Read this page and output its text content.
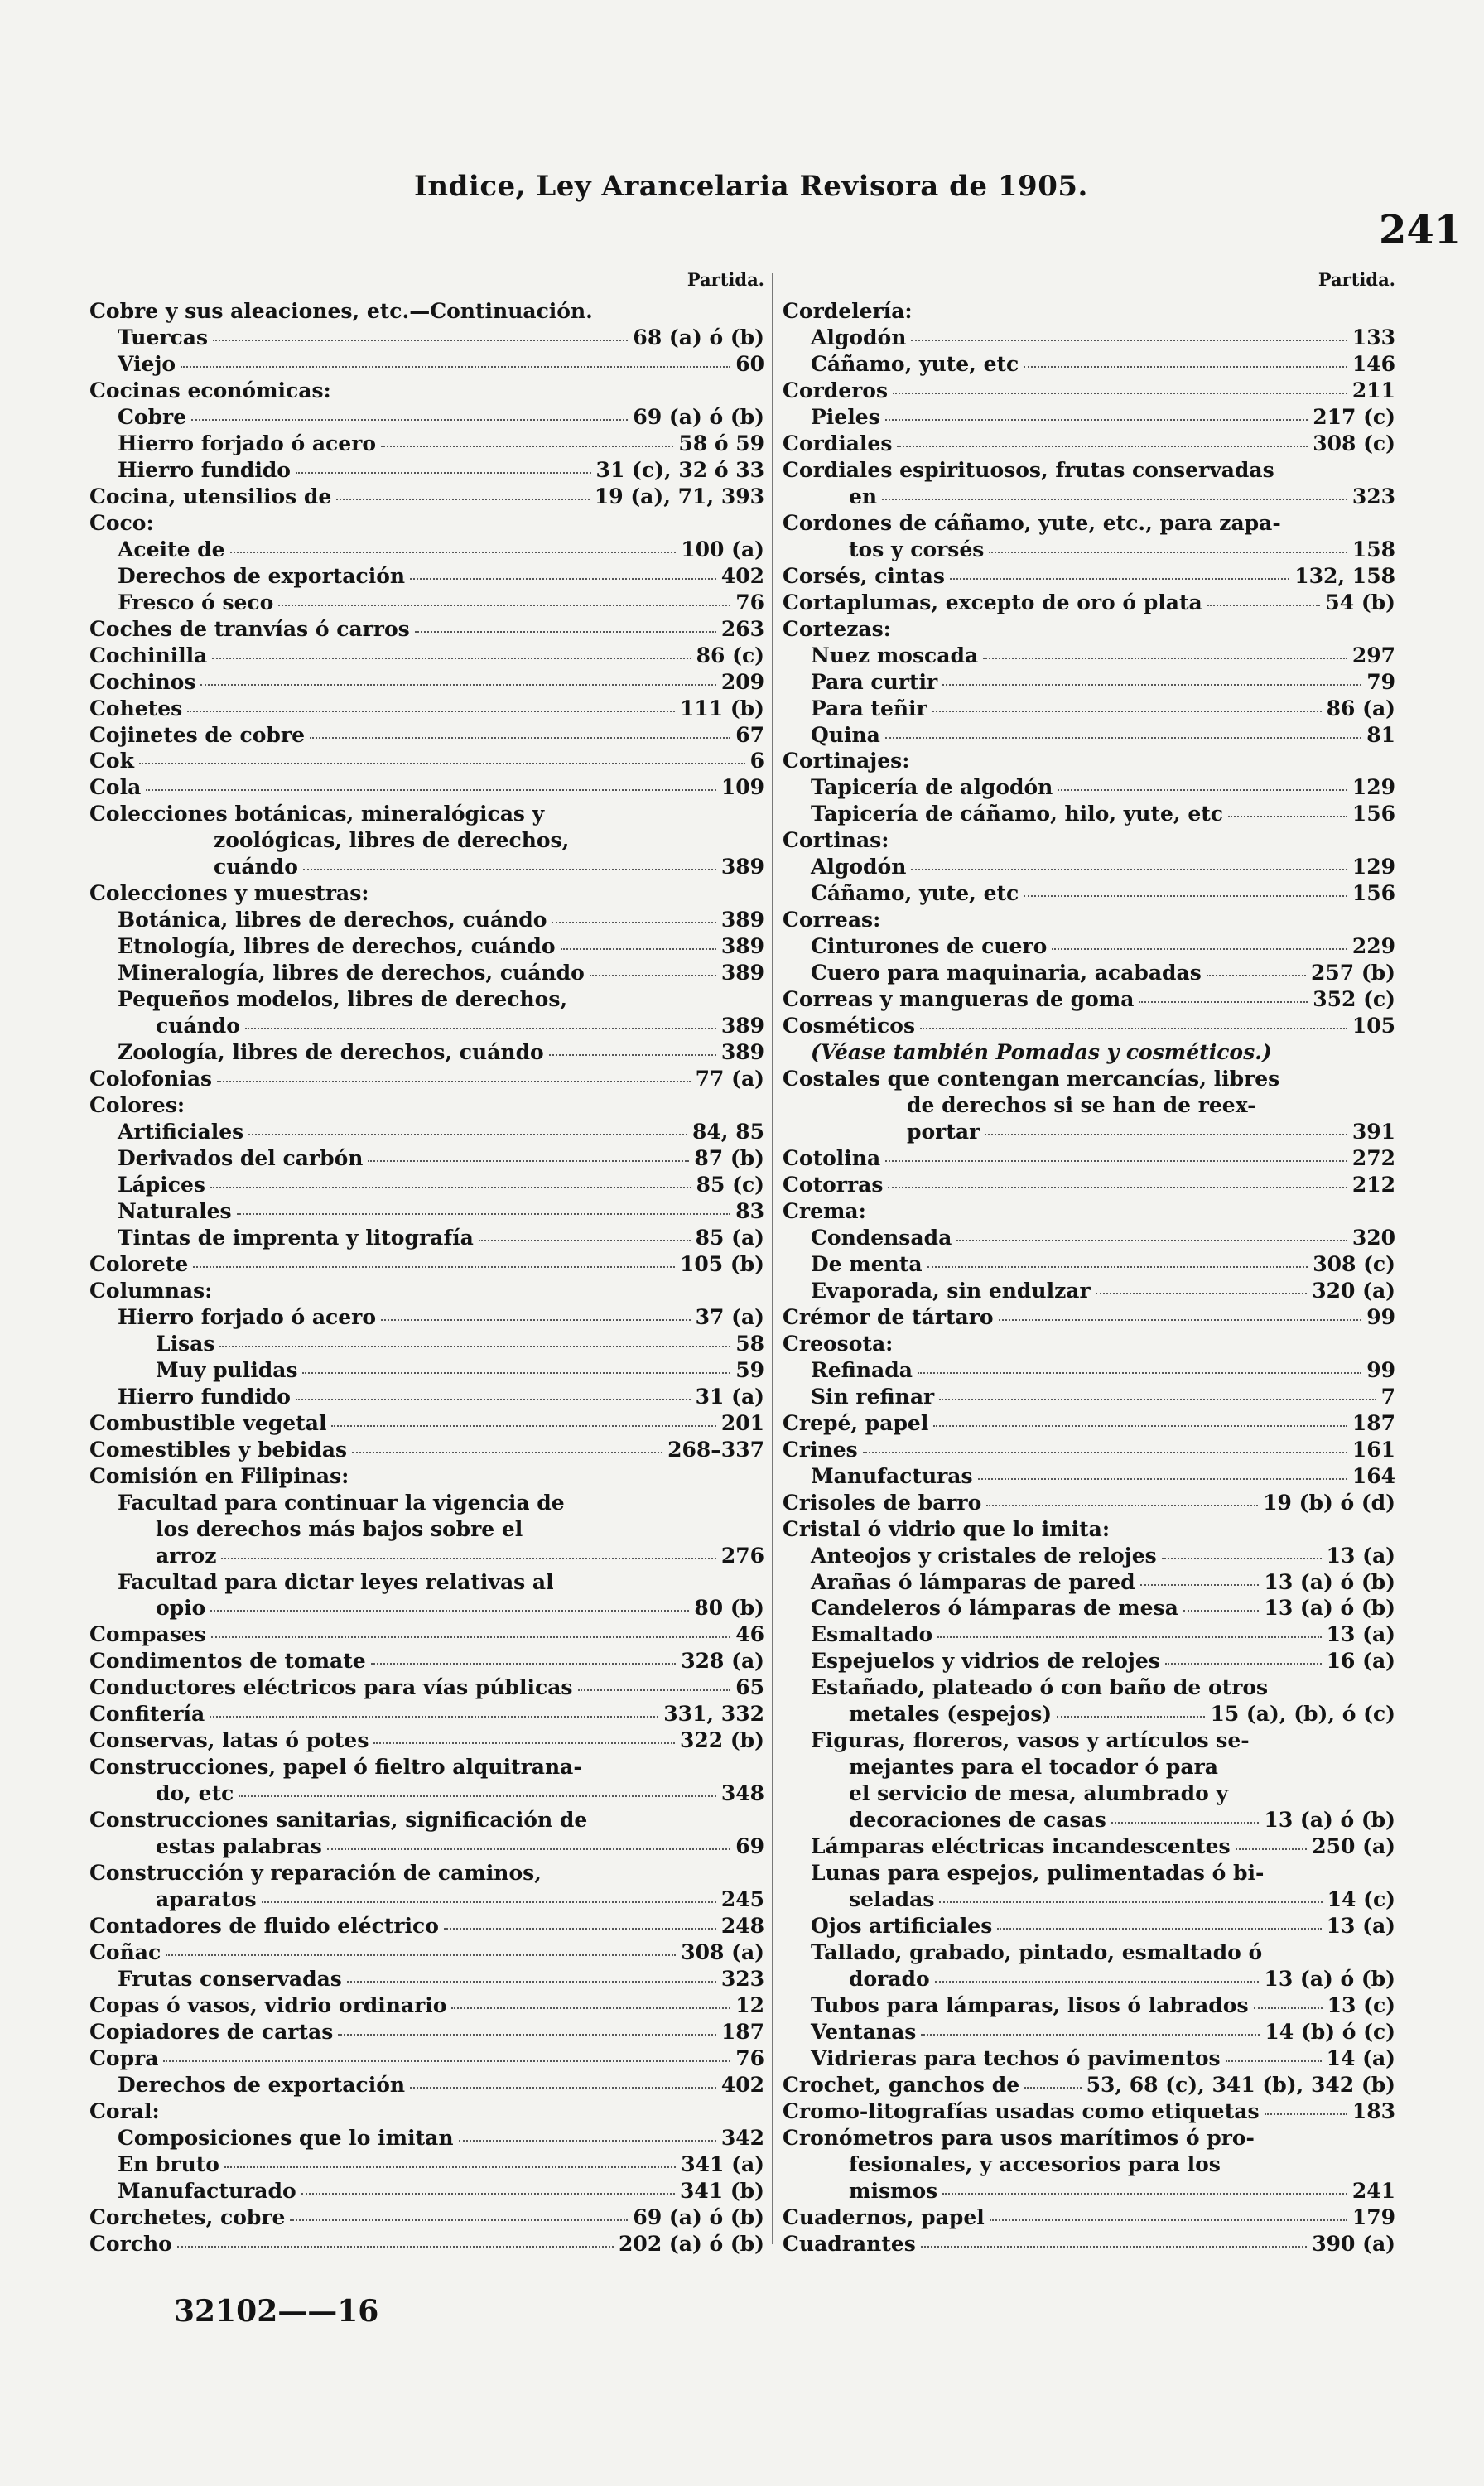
Indice, Ley Arancelaria Revisora de 1905.
241
Partida.
Cobre y sus aleaciones, etc.—Continuación.
Tuercas	68 (a) ó (b)
Viejo	60
Cocinas económicas:
Cobre	69 (a) ó (b)
Hierro forjado ó acero	58 ó 59
Hierro fundido	31 (c), 32 ó 33
Cocina, utensilios de	19 (a), 71, 393
Coco:
Aceite de	100 (a)
Derechos de exportación	402
Fresco ó seco	76
Coches de tranvías ó carros	263
Cochinilla	86 (c)
Cochinos	209
Cohetes	111 (b)
Cojinetes de cobre	67
Cok	6
Cola	109
Colecciones botánicas, mineralógicas y
zoológicas, libres de derechos,
cuándo	389
Colecciones y muestras:
Botánica, libres de derechos, cuándo	389
Etnología, libres de derechos, cuándo	389
Mineralogía, libres de derechos, cuándo	389
Pequeños modelos, libres de derechos,
cuándo	389
Zoología, libres de derechos, cuándo	389
Colofonias	77 (a)
Colores:
Artificiales	84, 85
Derivados del carbón	87 (b)
Lápices	85 (c)
Naturales	83
Tintas de imprenta y litografía	85 (a)
Colorete	105 (b)
Columnas:
Hierro forjado ó acero	37 (a)
Lisas	58
Muy pulidas	59
Hierro fundido	31 (a)
Combustible vegetal	201
Comestibles y bebidas	268–337
Comisión en Filipinas:
Facultad para continuar la vigencia de
los derechos más bajos sobre el
arroz	276
Facultad para dictar leyes relativas al
opio	80 (b)
Compases	46
Condimentos de tomate	328 (a)
Conductores eléctricos para vías públicas	65
Confitería	331, 332
Conservas, latas ó potes	322 (b)
Construcciones, papel ó fieltro alquitrana-
do, etc	348
Construcciones sanitarias, significación de
estas palabras	69
Construcción y reparación de caminos,
aparatos	245
Contadores de fluido eléctrico	248
Coñac	308 (a)
Frutas conservadas	323
Copas ó vasos, vidrio ordinario	12
Copiadores de cartas	187
Copra	76
Derechos de exportación	402
Coral:
Composiciones que lo imitan	342
En bruto	341 (a)
Manufacturado	341 (b)
Corchetes, cobre	69 (a) ó (b)
Corcho	202 (a) ó (b)
Partida.
Cordelería:
Algodón	133
Cáñamo, yute, etc	146
Corderos	211
Pieles	217 (c)
Cordiales	308 (c)
Cordiales espirituosos, frutas conservadas
en	323
Cordones de cáñamo, yute, etc., para zapa-
tos y corsés	158
Corsés, cintas	132, 158
Cortaplumas, excepto de oro ó plata	54 (b)
Cortezas:
Nuez moscada	297
Para curtir	79
Para teñir	86 (a)
Quina	81
Cortinajes:
Tapicería de algodón	129
Tapicería de cáñamo, hilo, yute, etc	156
Cortinas:
Algodón	129
Cáñamo, yute, etc	156
Correas:
Cinturones de cuero	229
Cuero para maquinaria, acabadas	257 (b)
Correas y mangueras de goma	352 (c)
Cosméticos	105
(Véase también Pomadas y cosméticos.)
Costales que contengan mercancías, libres
de derechos si se han de reex-
portar	391
Cotolina	272
Cotorras	212
Crema:
Condensada	320
De menta	308 (c)
Evaporada, sin endulzar	320 (a)
Crémor de tártaro	99
Creosota:
Refinada	99
Sin refinar	7
Crepé, papel	187
Crines	161
Manufacturas	164
Crisoles de barro	19 (b) ó (d)
Cristal ó vidrio que lo imita:
Anteojos y cristales de relojes	13 (a)
Arañas ó lámparas de pared	13 (a) ó (b)
Candeleros ó lámparas de mesa	13 (a) ó (b)
Esmaltado	13 (a)
Espejuelos y vidrios de relojes	16 (a)
Estañado, plateado ó con baño de otros
metales (espejos)	15 (a), (b), ó (c)
Figuras, floreros, vasos y artículos se-
mejantes para el tocador ó para
el servicio de mesa, alumbrado y
decoraciones de casas	13 (a) ó (b)
Lámparas eléctricas incandescentes	250 (a)
Lunas para espejos, pulimentadas ó bi-
seladas	14 (c)
Ojos artificiales	13 (a)
Tallado, grabado, pintado, esmaltado ó
dorado	13 (a) ó (b)
Tubos para lámparas, lisos ó labrados	13 (c)
Ventanas	14 (b) ó (c)
Vidrieras para techos ó pavimentos	14 (a)
Crochet, ganchos de	53, 68 (c), 341 (b), 342 (b)
Cromo-litografías usadas como etiquetas	183
Cronómetros para usos marítimos ó pro-
fesionales, y accesorios para los
mismos	241
Cuadernos, papel	179
Cuadrantes	390 (a)
32102——16
